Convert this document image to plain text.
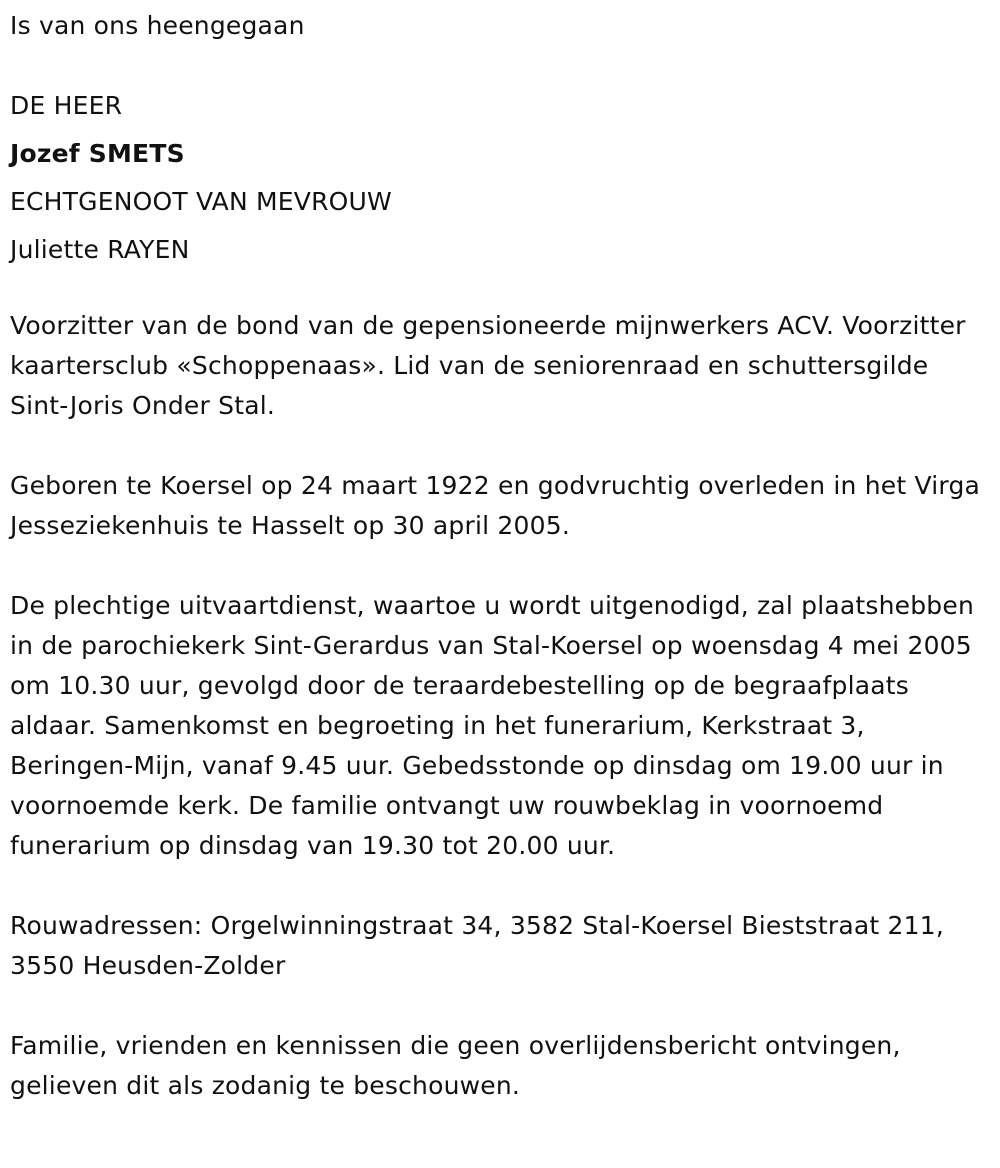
Is van ons heengegaan

DE HEER

Jozef SMETS

ECHTGENOOT VAN MEVROUW

Juliette RAYEN

Voorzitter van de bond van de gepensioneerde mijnwerkers ACV. Voorzitter kaartersclub «Schoppenaas». Lid van de seniorenraad en schuttersgilde Sint-Joris Onder Stal.

Geboren te Koersel op 24 maart 1922 en godvruchtig overleden in het Virga Jesseziekenhuis te Hasselt op 30 april 2005.

De plechtige uitvaartdienst, waartoe u wordt uitgenodigd, zal plaatshebben in de parochiekerk Sint-Gerardus van Stal-Koersel op woensdag 4 mei 2005 om 10.30 uur, gevolgd door de teraardebestelling op de begraafplaats aldaar. Samenkomst en begroeting in het funerarium, Kerkstraat 3, Beringen-Mijn, vanaf 9.45 uur. Gebedsstonde op dinsdag om 19.00 uur in voornoemde kerk. De familie ontvangt uw rouwbeklag in voornoemd funerarium op dinsdag van 19.30 tot 20.00 uur.

Rouwadressen: Orgelwinningstraat 34, 3582 Stal-Koersel Bieststraat 211, 3550 Heusden-Zolder

Familie, vrienden en kennissen die geen overlijdensbericht ontvingen, gelieven dit als zodanig te beschouwen.
